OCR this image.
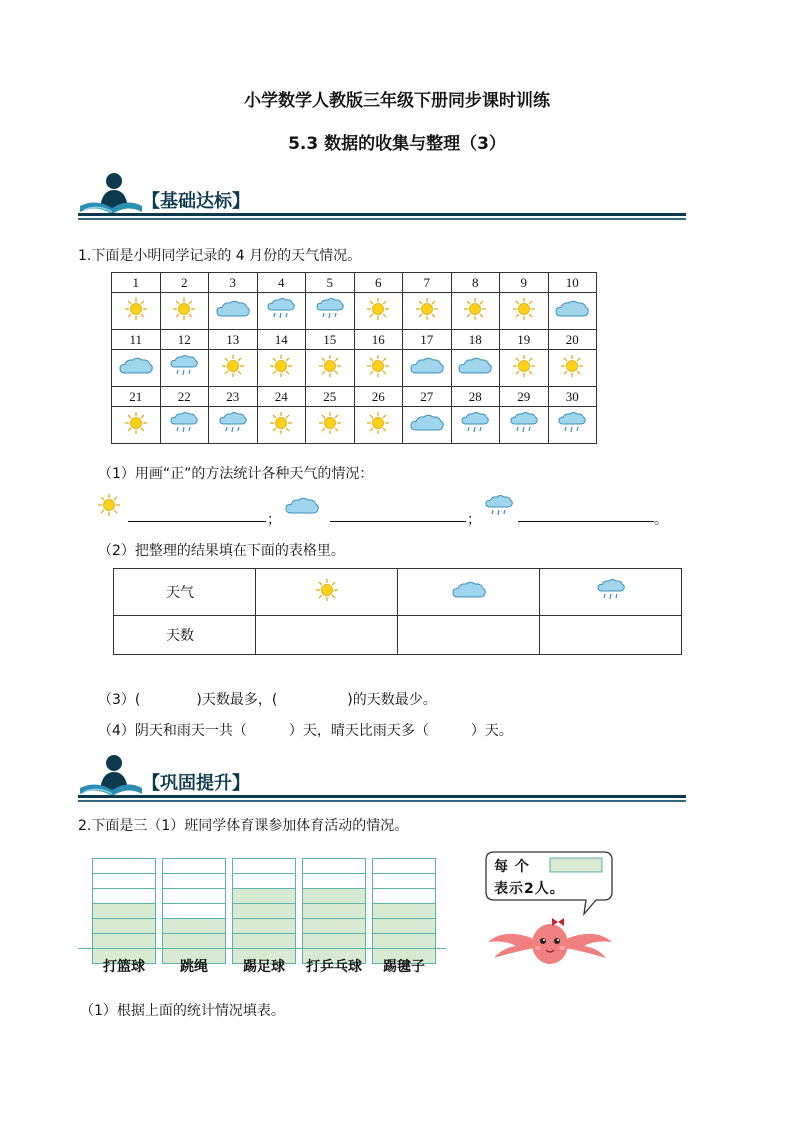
小学数学人教版三年级下册同步课时训练
5.3 数据的收集与整理（3）
【基础达标】
1.下面是小明同学记录的 4 月份的天气情况。
1	2	3	4	5	6	7	8	9	10

11	12	13	14	15	16	17	18	19	20

21	22	23	24	25	26	27	28	29	30

（1）用画“正”的方法统计各种天气的情况：
；	；	。
（2）把整理的结果填在下面的表格里。
天气			
天数			
（3）(　　　　)天数最多，(　　　　　)的天数最少。
（4）阴天和雨天一共（　　　）天，晴天比雨天多（　　　）天。
【巩固提升】
2.下面是三（1）班同学体育课参加体育活动的情况。
打篮球	跳绳	踢足球 打乒乓球 踢毽子
每 个
表示2人。
（1）根据上面的统计情况填表。
